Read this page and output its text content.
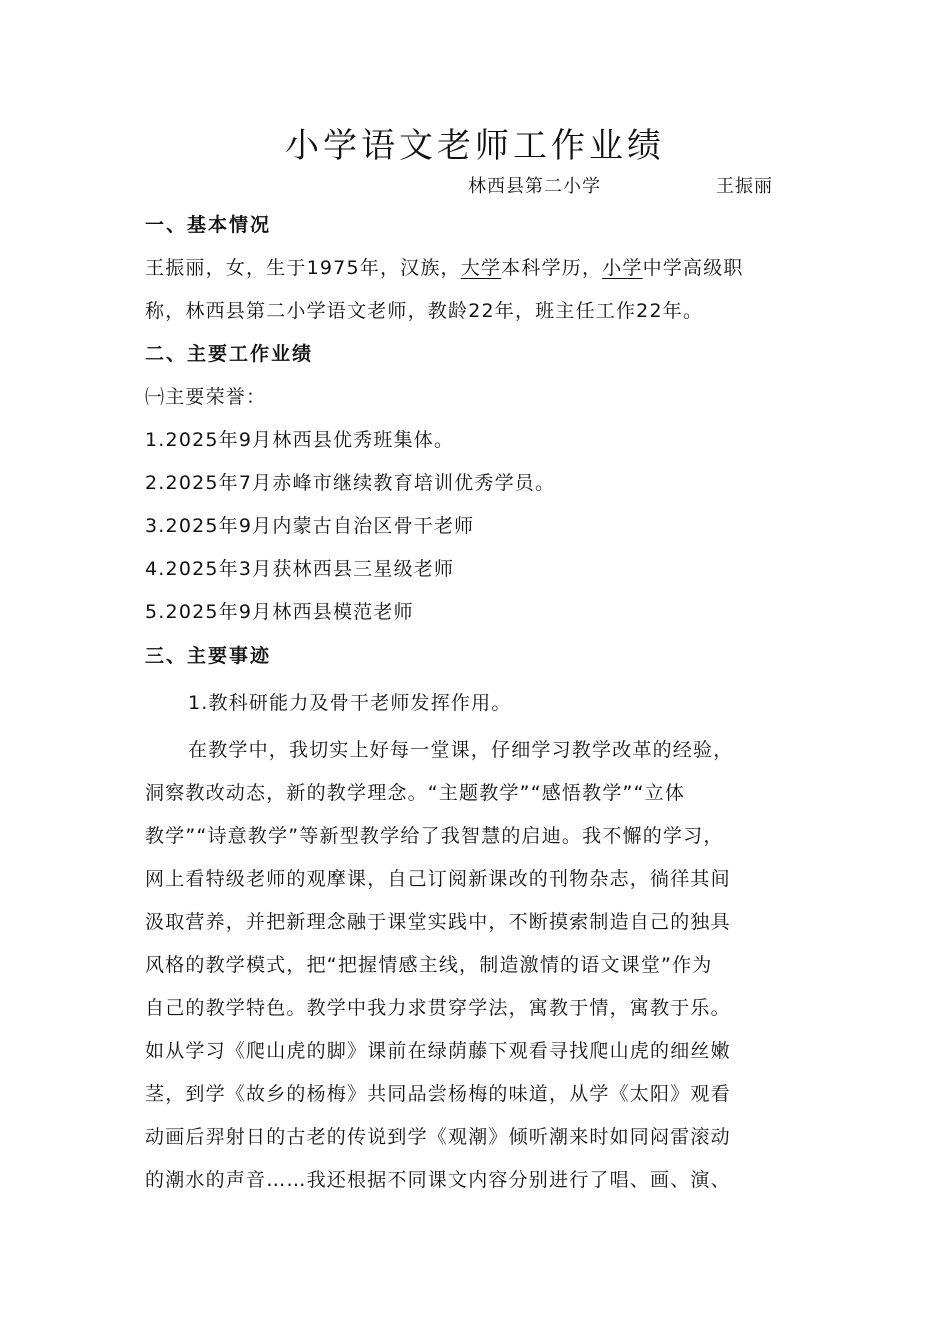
小学语文老师工作业绩
林西县第二小学	王振丽
一、基本情况
王振丽，女，生于1975年，汉族，大学本科学历，小学中学高级职
称，林西县第二小学语文老师，教龄22年，班主任工作22年。
二、主要工作业绩
㈠主要荣誉：
1.2025年9月林西县优秀班集体。
2.2025年7月赤峰市继续教育培训优秀学员。
3.2025年9月内蒙古自治区骨干老师
4.2025年3月获林西县三星级老师
5.2025年9月林西县模范老师
三、主要事迹
1.教科研能力及骨干老师发挥作用。
在教学中，我切实上好每一堂课，仔细学习教学改革的经验，
洞察教改动态，新的教学理念。“主题教学”“感悟教学”“立体
教学”“诗意教学”等新型教学给了我智慧的启迪。我不懈的学习，
网上看特级老师的观摩课，自己订阅新课改的刊物杂志，徜徉其间
汲取营养，并把新理念融于课堂实践中，不断摸索制造自己的独具
风格的教学模式，把“把握情感主线，制造激情的语文课堂”作为
自己的教学特色。教学中我力求贯穿学法，寓教于情，寓教于乐。
如从学习《爬山虎的脚》课前在绿荫藤下观看寻找爬山虎的细丝嫩
茎，到学《故乡的杨梅》共同品尝杨梅的味道，从学《太阳》观看
动画后羿射日的古老的传说到学《观潮》倾听潮来时如同闷雷滚动
的潮水的声音……我还根据不同课文内容分别进行了唱、画、演、
